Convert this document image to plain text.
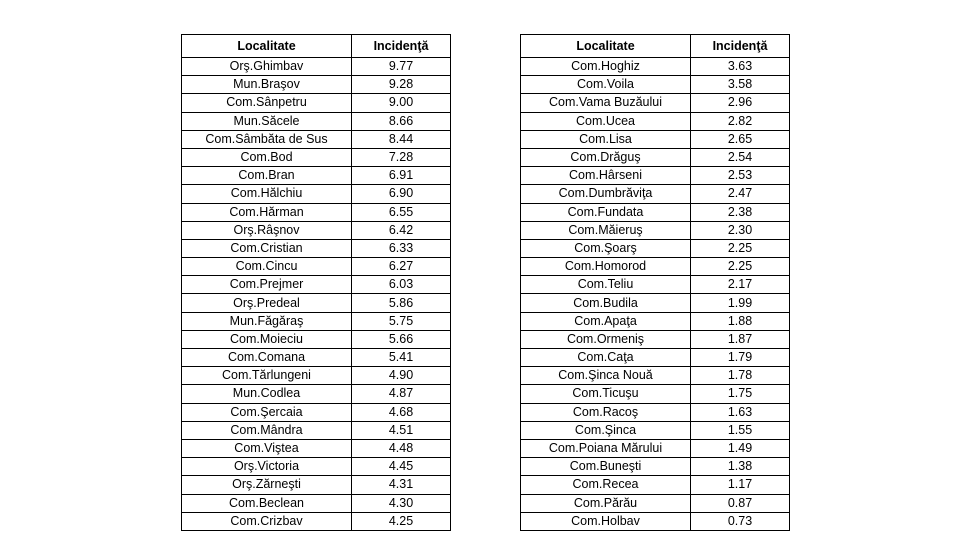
Localitate	Incidenţă
Orş.Ghimbav	9.77
Mun.Braşov	9.28
Com.Sânpetru	9.00
Mun.Săcele	8.66
Com.Sâmbăta de Sus	8.44
Com.Bod	7.28
Com.Bran	6.91
Com.Hălchiu	6.90
Com.Hărman	6.55
Orş.Râşnov	6.42
Com.Cristian	6.33
Com.Cincu	6.27
Com.Prejmer	6.03
Orş.Predeal	5.86
Mun.Făgăraş	5.75
Com.Moieciu	5.66
Com.Comana	5.41
Com.Tărlungeni	4.90
Mun.Codlea	4.87
Com.Şercaia	4.68
Com.Mândra	4.51
Com.Viştea	4.48
Orş.Victoria	4.45
Orş.Zărneşti	4.31
Com.Beclean	4.30
Com.Crizbav	4.25
Localitate	Incidenţă
Com.Hoghiz	3.63
Com.Voila	3.58
Com.Vama Buzăului	2.96
Com.Ucea	2.82
Com.Lisa	2.65
Com.Drăguş	2.54
Com.Hârseni	2.53
Com.Dumbrăviţa	2.47
Com.Fundata	2.38
Com.Măieruş	2.30
Com.Şoarş	2.25
Com.Homorod	2.25
Com.Teliu	2.17
Com.Budila	1.99
Com.Apaţa	1.88
Com.Ormeniş	1.87
Com.Caţa	1.79
Com.Şinca Nouă	1.78
Com.Ticuşu	1.75
Com.Racoş	1.63
Com.Şinca	1.55
Com.Poiana Mărului	1.49
Com.Buneşti	1.38
Com.Recea	1.17
Com.Părău	0.87
Com.Holbav	0.73
